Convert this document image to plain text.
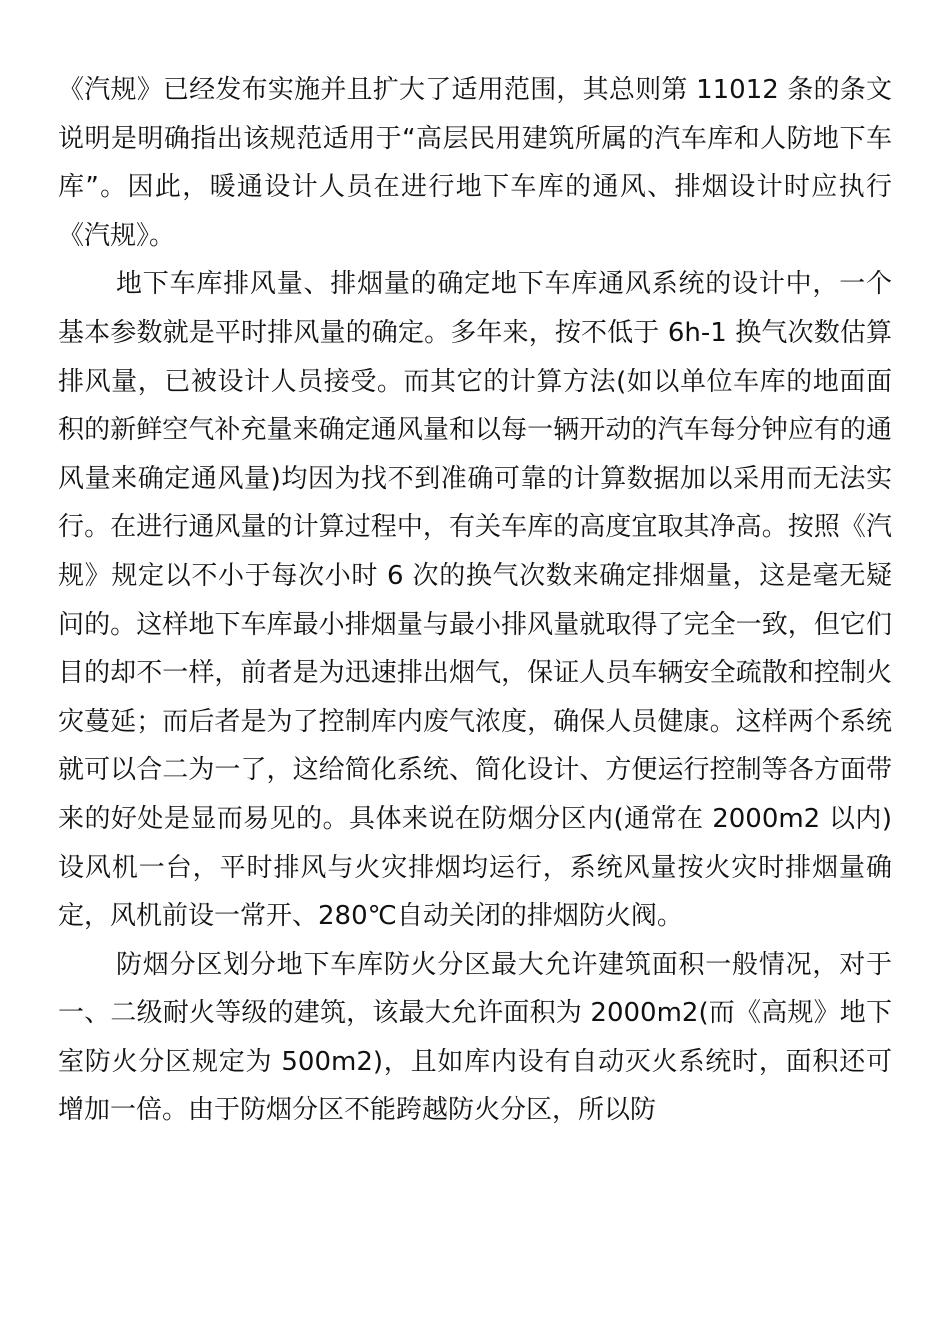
《汽规》已经发布实施并且扩大了适用范围，其总则第 11012 条的条文说明是明确指出该规范适用于“高层民用建筑所属的汽车库和人防地下车库”。因此，暖通设计人员在进行地下车库的通风、排烟设计时应执行《汽规》。

地下车库排风量、排烟量的确定地下车库通风系统的设计中，一个基本参数就是平时排风量的确定。多年来，按不低于 6h-1 换气次数估算排风量，已被设计人员接受。而其它的计算方法(如以单位车库的地面面积的新鲜空气补充量来确定通风量和以每一辆开动的汽车每分钟应有的通风量来确定通风量)均因为找不到准确可靠的计算数据加以采用而无法实行。在进行通风量的计算过程中，有关车库的高度宜取其净高。按照《汽规》规定以不小于每次小时 6 次的换气次数来确定排烟量，这是毫无疑问的。这样地下车库最小排烟量与最小排风量就取得了完全一致，但它们目的却不一样，前者是为迅速排出烟气，保证人员车辆安全疏散和控制火灾蔓延；而后者是为了控制库内废气浓度，确保人员健康。这样两个系统就可以合二为一了，这给简化系统、简化设计、方便运行控制等各方面带来的好处是显而易见的。具体来说在防烟分区内(通常在 2000m2 以内)设风机一台，平时排风与火灾排烟均运行，系统风量按火灾时排烟量确定，风机前设一常开、280℃自动关闭的排烟防火阀。

防烟分区划分地下车库防火分区最大允许建筑面积一般情况，对于一、二级耐火等级的建筑，该最大允许面积为 2000m2(而《高规》地下室防火分区规定为 500m2)，且如库内设有自动灭火系统时，面积还可增加一倍。由于防烟分区不能跨越防火分区，所以防
